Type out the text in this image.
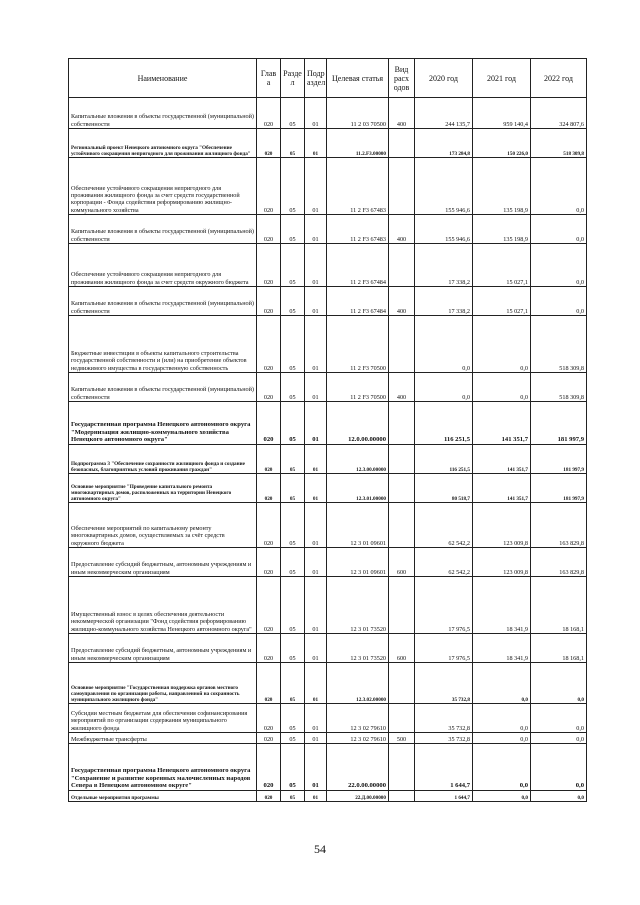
Наименование	Глав а	Разде л	Подр аздел	Целевая статья	Вид расх одов	2020 год	2021 год	2022 год
Капитальные вложения в объекты государственной (муниципальной) собственности	020	05	01	11 2 03 70500	400	244 135,7	959 140,4	324 807,6
Региональный проект Ненецкого автономного округа "Обеспечение устойчивого сокращения непригодного для проживания жилищного фонда"	020	05	01	11.2.F3.00000		173 284,8	150 226,0	518 309,8
Обеспечение устойчивого сокращения непригодного для проживания жилищного фонда за счет средств государственной корпорации - Фонда содействия реформированию жилищно-коммунального хозяйства	020	05	01	11 2 F3 67483		155 946,6	135 198,9	0,0
Капитальные вложения в объекты государственной (муниципальной) собственности	020	05	01	11 2 F3 67483	400	155 946,6	135 198,9	0,0
Обеспечение устойчивого сокращения непригодного для проживания жилищного фонда за счет средств окружного бюджета	020	05	01	11 2 F3 67484		17 338,2	15 027,1	0,0
Капитальные вложения в объекты государственной (муниципальной) собственности	020	05	01	11 2 F3 67484	400	17 338,2	15 027,1	0,0
Бюджетные инвестиции в объекты капитального строительства государственной собственности и (или) на приобретение объектов недвижимого имущества в государственную собственность	020	05	01	11 2 F3 70500		0,0	0,0	518 309,8
Капитальные вложения в объекты государственной (муниципальной) собственности	020	05	01	11 2 F3 70500	400	0,0	0,0	518 309,8
Государственная программа Ненецкого автономного округа "Модернизация жилищно-коммунального хозяйства Ненецкого автономного округа"	020	05	01	12.0.00.00000		116 251,5	141 351,7	181 997,9
Подпрограмма 3 "Обеспечение сохранности жилищного фонда и создание безопасных, благоприятных условий проживания граждан"	020	05	01	12.3.00.00000		116 251,5	141 351,7	181 997,9
Основное мероприятие "Проведение капитального ремонта многоквартирных домов, расположенных на территории Ненецкого автономного округа"	020	05	01	12.3.01.00000		80 518,7	141 351,7	181 997,9
Обеспечение мероприятий по капитальному ремонту многоквартирных домов, осуществляемых за счёт средств окружного бюджета	020	05	01	12 3 01 09601		62 542,2	123 009,8	163 829,8
Предоставление субсидий бюджетным, автономным учреждениям и иным некоммерческим организациям	020	05	01	12 3 01 09601	600	62 542,2	123 009,8	163 829,8
Имущественный взнос в целях обеспечения деятельности некоммерческой организации "Фонд содействия реформированию жилищно-коммунального хозяйства Ненецкого автономного округа"	020	05	01	12 3 01 73520		17 976,5	18 341,9	18 168,1
Предоставление субсидий бюджетным, автономным учреждениям и иным некоммерческим организациям	020	05	01	12 3 01 73520	600	17 976,5	18 341,9	18 168,1
Основное мероприятие "Государственная поддержка органов местного самоуправления по организации работы, направленной на сохранность муниципального жилищного фонда"	020	05	01	12.3.02.00000		35 732,8	0,0	0,0
Субсидии местным бюджетам для обеспечения софинансирования мероприятий по организации содержания муниципального жилищного фонда	020	05	01	12 3 02 79610		35 732,8	0,0	0,0
Межбюджетные трансферты	020	05	01	12 3 02 79610	500	35 732,8	0,0	0,0
Государственная программа Ненецкого автономного округа "Сохранение и развитие коренных малочисленных народов Севера в Ненецком автономном округе"	020	05	01	22.0.00.00000		1 644,7	0,0	0,0
Отдельные мероприятия программы	020	05	01	22.Д.00.00000		1 644,7	0,0	0,0
54
